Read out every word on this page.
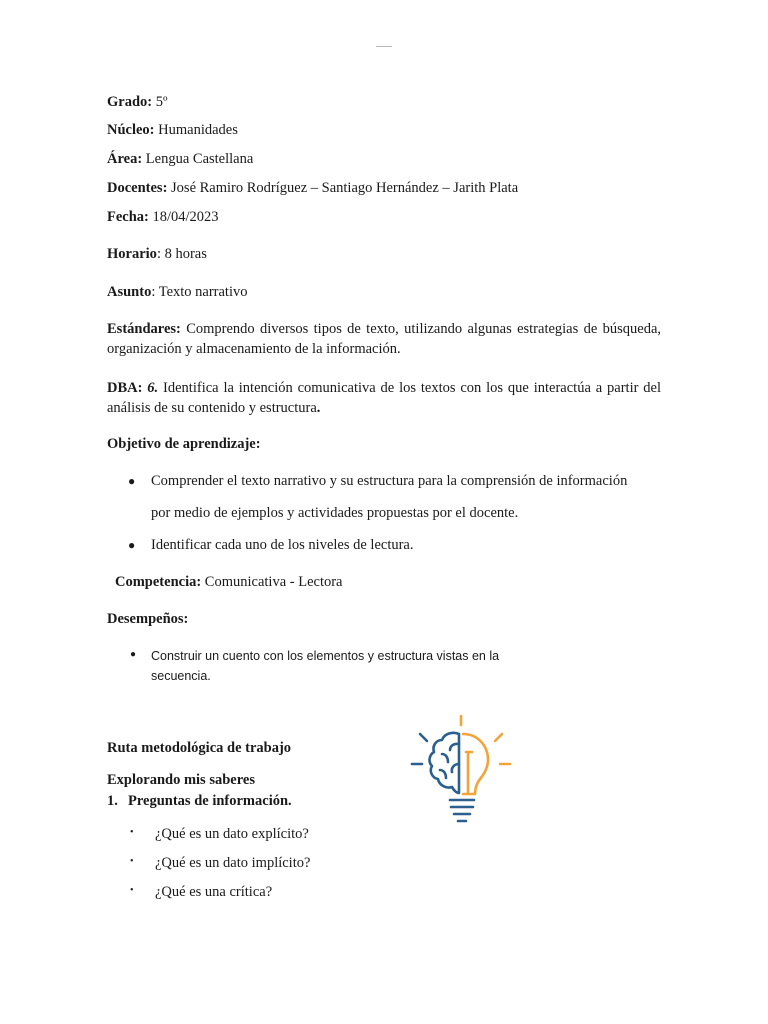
Grado: 5º
Núcleo: Humanidades
Área: Lengua Castellana
Docentes: José Ramiro Rodríguez – Santiago Hernández – Jarith Plata
Fecha: 18/04/2023
Horario: 8 horas
Asunto: Texto narrativo
Estándares: Comprendo diversos tipos de texto, utilizando algunas estrategias de búsqueda, organización y almacenamiento de la información.
DBA: 6. Identifica la intención comunicativa de los textos con los que interactúa a partir del análisis de su contenido y estructura.
Objetivo de aprendizaje:
● Comprender el texto narrativo y su estructura para la comprensión de información
por medio de ejemplos y actividades propuestas por el docente.
● Identificar cada uno de los niveles de lectura.
Competencia: Comunicativa - Lectora
Desempeños:
● Construir un cuento con los elementos y estructura vistas en la
secuencia.
Ruta metodológica de trabajo
Explorando mis saberes
1. Preguntas de información.
• ¿Qué es un dato explícito?
• ¿Qué es un dato implícito?
• ¿Qué es una crítica?
